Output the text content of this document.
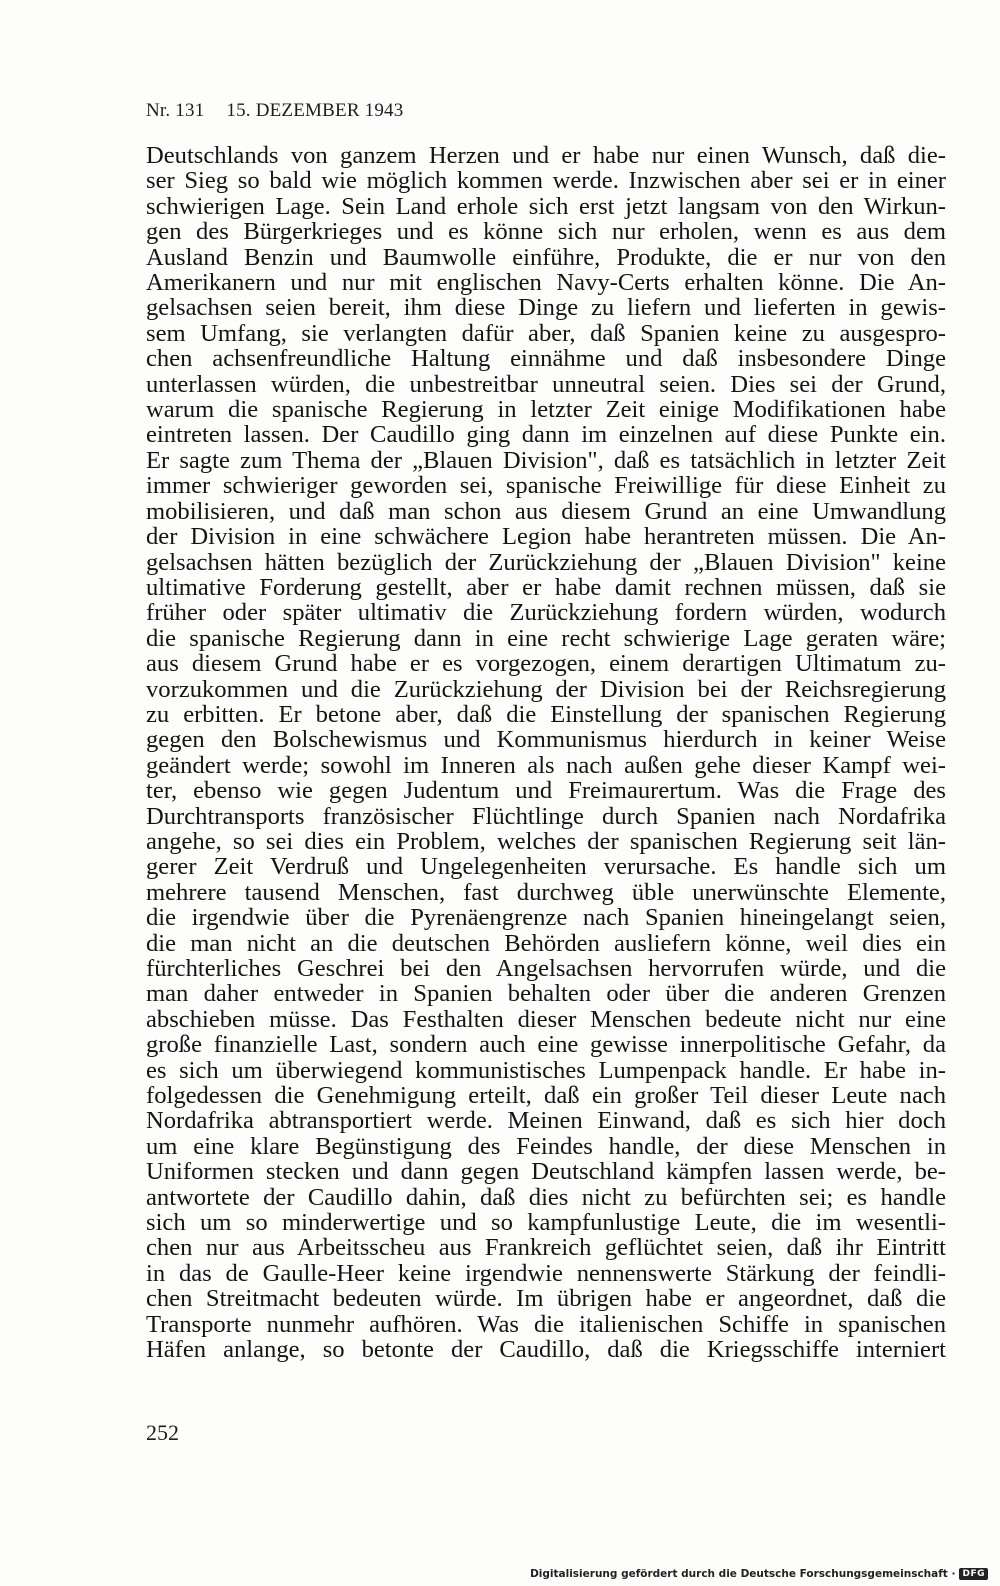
Nr. 131 15. DEZEMBER 1943
Deutschlands von ganzem Herzen und er habe nur einen Wunsch, daß die-
ser Sieg so bald wie möglich kommen werde. Inzwischen aber sei er in einer
schwierigen Lage. Sein Land erhole sich erst jetzt langsam von den Wirkun-
gen des Bürgerkrieges und es könne sich nur erholen, wenn es aus dem
Ausland Benzin und Baumwolle einführe, Produkte, die er nur von den
Amerikanern und nur mit englischen Navy-Certs erhalten könne. Die An-
gelsachsen seien bereit, ihm diese Dinge zu liefern und lieferten in gewis-
sem Umfang, sie verlangten dafür aber, daß Spanien keine zu ausgespro-
chen achsenfreundliche Haltung einnähme und daß insbesondere Dinge
unterlassen würden, die unbestreitbar unneutral seien. Dies sei der Grund,
warum die spanische Regierung in letzter Zeit einige Modifikationen habe
eintreten lassen. Der Caudillo ging dann im einzelnen auf diese Punkte ein.
Er sagte zum Thema der „Blauen Division", daß es tatsächlich in letzter Zeit
immer schwieriger geworden sei, spanische Freiwillige für diese Einheit zu
mobilisieren, und daß man schon aus diesem Grund an eine Umwandlung
der Division in eine schwächere Legion habe herantreten müssen. Die An-
gelsachsen hätten bezüglich der Zurückziehung der „Blauen Division" keine
ultimative Forderung gestellt, aber er habe damit rechnen müssen, daß sie
früher oder später ultimativ die Zurückziehung fordern würden, wodurch
die spanische Regierung dann in eine recht schwierige Lage geraten wäre;
aus diesem Grund habe er es vorgezogen, einem derartigen Ultimatum zu-
vorzukommen und die Zurückziehung der Division bei der Reichsregierung
zu erbitten. Er betone aber, daß die Einstellung der spanischen Regierung
gegen den Bolschewismus und Kommunismus hierdurch in keiner Weise
geändert werde; sowohl im Inneren als nach außen gehe dieser Kampf wei-
ter, ebenso wie gegen Judentum und Freimaurertum. Was die Frage des
Durchtransports französischer Flüchtlinge durch Spanien nach Nordafrika
angehe, so sei dies ein Problem, welches der spanischen Regierung seit län-
gerer Zeit Verdruß und Ungelegenheiten verursache. Es handle sich um
mehrere tausend Menschen, fast durchweg üble unerwünschte Elemente,
die irgendwie über die Pyrenäengrenze nach Spanien hineingelangt seien,
die man nicht an die deutschen Behörden ausliefern könne, weil dies ein
fürchterliches Geschrei bei den Angelsachsen hervorrufen würde, und die
man daher entweder in Spanien behalten oder über die anderen Grenzen
abschieben müsse. Das Festhalten dieser Menschen bedeute nicht nur eine
große finanzielle Last, sondern auch eine gewisse innerpolitische Gefahr, da
es sich um überwiegend kommunistisches Lumpenpack handle. Er habe in-
folgedessen die Genehmigung erteilt, daß ein großer Teil dieser Leute nach
Nordafrika abtransportiert werde. Meinen Einwand, daß es sich hier doch
um eine klare Begünstigung des Feindes handle, der diese Menschen in
Uniformen stecken und dann gegen Deutschland kämpfen lassen werde, be-
antwortete der Caudillo dahin, daß dies nicht zu befürchten sei; es handle
sich um so minderwertige und so kampfunlustige Leute, die im wesentli-
chen nur aus Arbeitsscheu aus Frankreich geflüchtet seien, daß ihr Eintritt
in das de Gaulle-Heer keine irgendwie nennenswerte Stärkung der feindli-
chen Streitmacht bedeuten würde. Im übrigen habe er angeordnet, daß die
Transporte nunmehr aufhören. Was die italienischen Schiffe in spanischen
Häfen anlange, so betonte der Caudillo, daß die Kriegsschiffe interniert
252
Digitalisierung gefördert durch die Deutsche Forschungsgemeinschaft · DFG
